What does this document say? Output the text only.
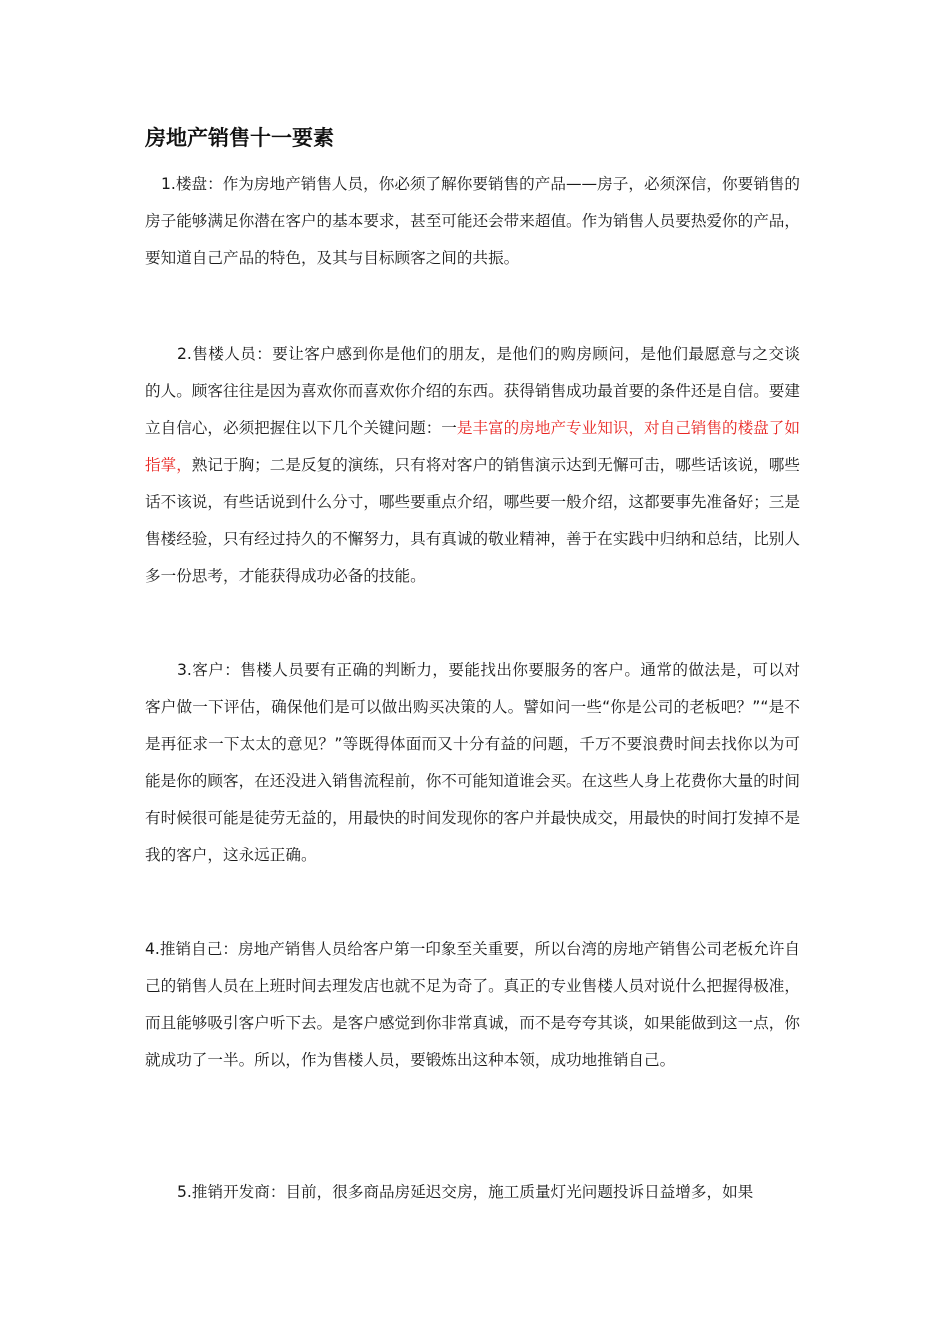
房地产销售十一要素

1.楼盘：作为房地产销售人员，你必须了解你要销售的产品——房子，必须深信，你要销售的房子能够满足你潜在客户的基本要求，甚至可能还会带来超值。作为销售人员要热爱你的产品，要知道自己产品的特色，及其与目标顾客之间的共振。

2.售楼人员：要让客户感到你是他们的朋友，是他们的购房顾问，是他们最愿意与之交谈的人。顾客往往是因为喜欢你而喜欢你介绍的东西。获得销售成功最首要的条件还是自信。要建立自信心，必须把握住以下几个关键问题：一是丰富的房地产专业知识，对自己销售的楼盘了如指掌，熟记于胸；二是反复的演练，只有将对客户的销售演示达到无懈可击，哪些话该说，哪些话不该说，有些话说到什么分寸，哪些要重点介绍，哪些要一般介绍，这都要事先准备好；三是售楼经验，只有经过持久的不懈努力，具有真诚的敬业精神，善于在实践中归纳和总结，比别人多一份思考，才能获得成功必备的技能。

3.客户：售楼人员要有正确的判断力，要能找出你要服务的客户。通常的做法是，可以对客户做一下评估，确保他们是可以做出购买决策的人。譬如问一些“你是公司的老板吧？”“是不是再征求一下太太的意见？”等既得体面而又十分有益的问题，千万不要浪费时间去找你以为可能是你的顾客，在还没进入销售流程前，你不可能知道谁会买。在这些人身上花费你大量的时间有时候很可能是徒劳无益的，用最快的时间发现你的客户并最快成交，用最快的时间打发掉不是我的客户，这永远正确。

4.推销自己：房地产销售人员给客户第一印象至关重要，所以台湾的房地产销售公司老板允许自己的销售人员在上班时间去理发店也就不足为奇了。真正的专业售楼人员对说什么把握得极准，而且能够吸引客户听下去。是客户感觉到你非常真诚，而不是夸夸其谈，如果能做到这一点，你就成功了一半。所以，作为售楼人员，要锻炼出这种本领，成功地推销自己。

5.推销开发商：目前，很多商品房延迟交房，施工质量灯光问题投诉日益增多，如果
